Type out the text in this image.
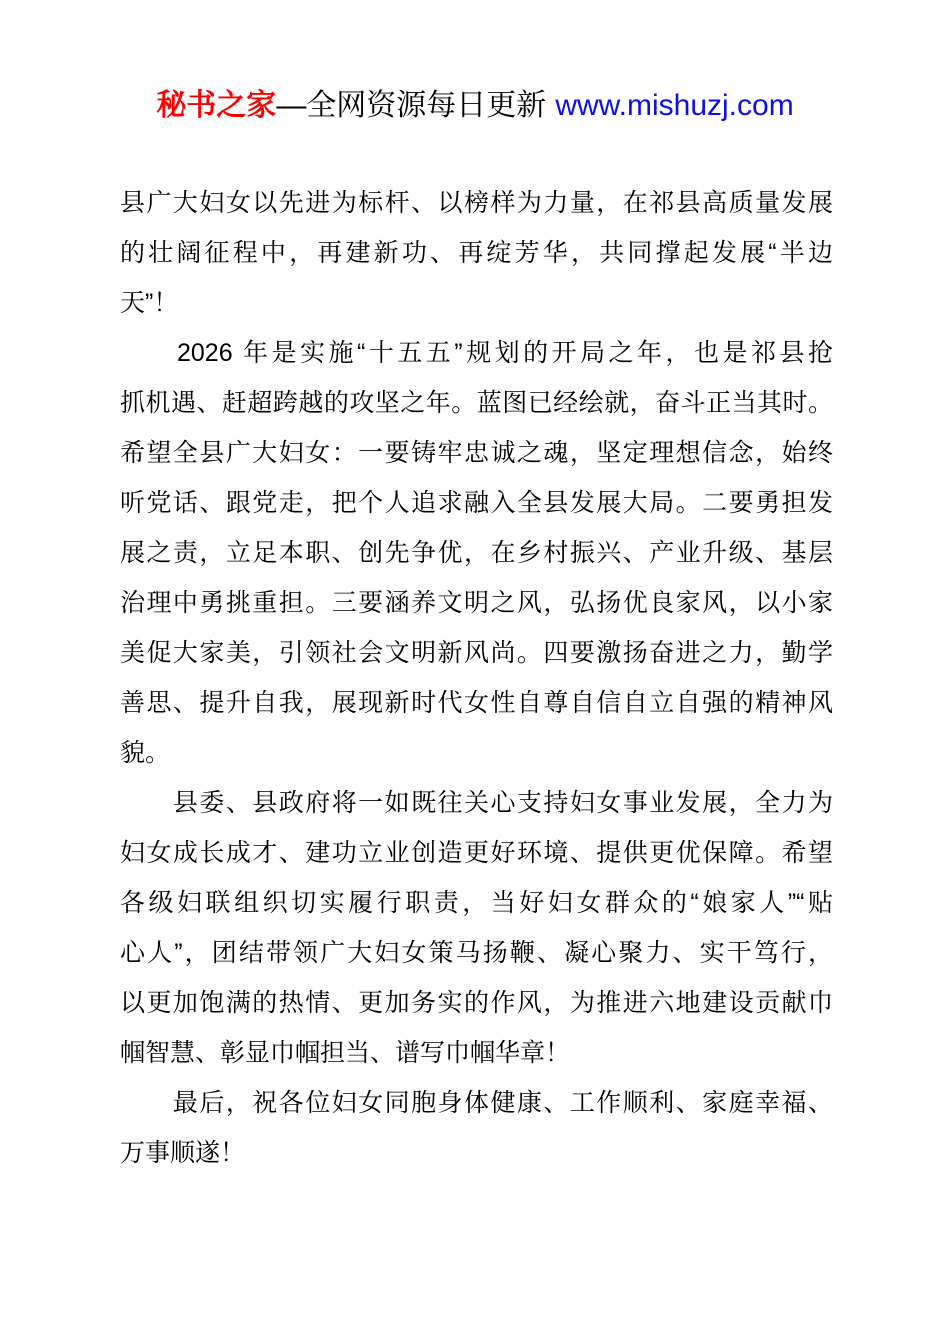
秘书之家—全网资源每日更新 www.mishuzj.com
县广大妇女以先进为标杆、以榜样为力量，在祁县高质量发展
的壮阔征程中，再建新功、再绽芳华，共同撑起发展“半边
天”！
　　2026 年是实施“十五五”规划的开局之年，也是祁县抢
抓机遇、赶超跨越的攻坚之年。蓝图已经绘就，奋斗正当其时。
希望全县广大妇女：一要铸牢忠诚之魂，坚定理想信念，始终
听党话、跟党走，把个人追求融入全县发展大局。二要勇担发
展之责，立足本职、创先争优，在乡村振兴、产业升级、基层
治理中勇挑重担。三要涵养文明之风，弘扬优良家风，以小家
美促大家美，引领社会文明新风尚。四要激扬奋进之力，勤学
善思、提升自我，展现新时代女性自尊自信自立自强的精神风
貌。
　　县委、县政府将一如既往关心支持妇女事业发展，全力为
妇女成长成才、建功立业创造更好环境、提供更优保障。希望
各级妇联组织切实履行职责，当好妇女群众的“娘家人”“贴
心人”，团结带领广大妇女策马扬鞭、凝心聚力、实干笃行，
以更加饱满的热情、更加务实的作风，为推进六地建设贡献巾
帼智慧、彰显巾帼担当、谱写巾帼华章！
　　最后，祝各位妇女同胞身体健康、工作顺利、家庭幸福、
万事顺遂！
